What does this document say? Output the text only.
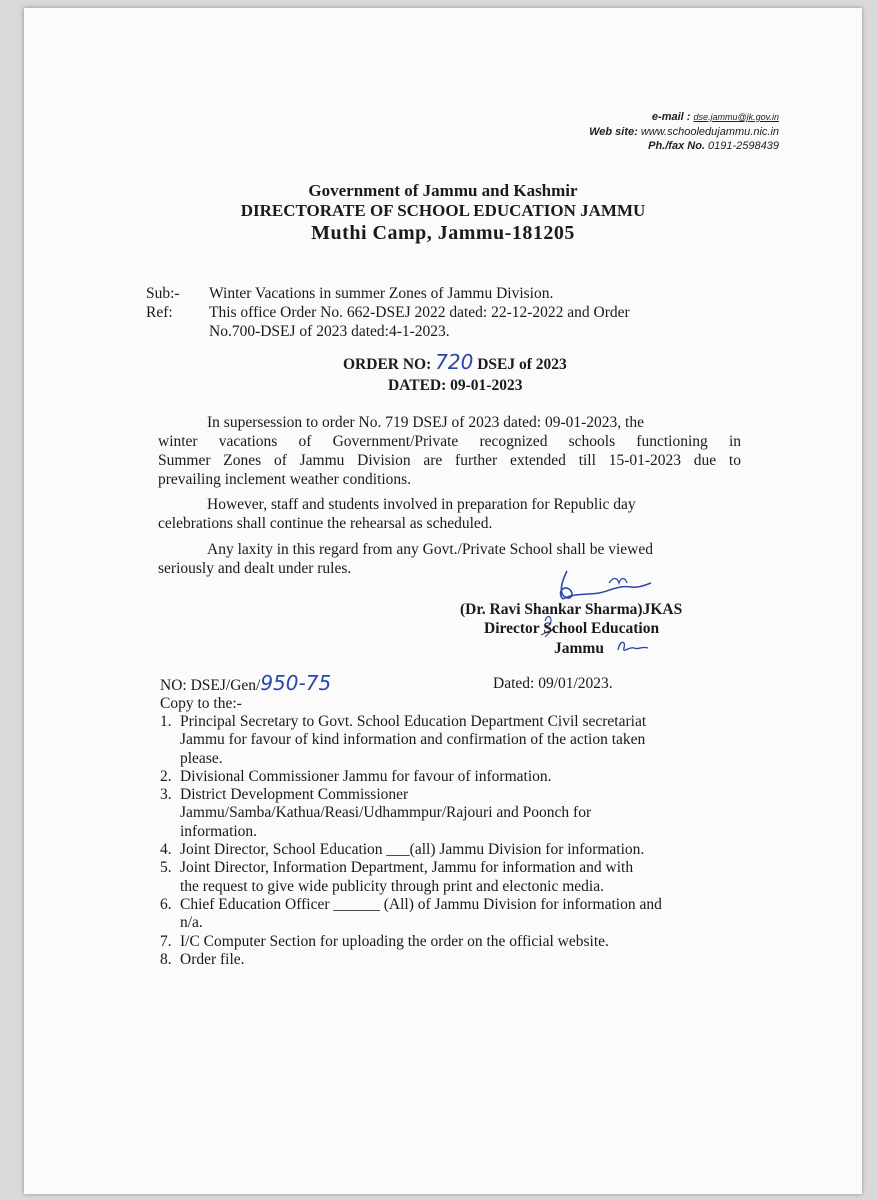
e-mail : dse.jammu@jk.gov.in
Web site: www.schooledujammu.nic.in
Ph./fax No. 0191-2598439
Government of Jammu and Kashmir
DIRECTORATE OF SCHOOL EDUCATION JAMMU
Muthi Camp, Jammu-181205
Sub:- Winter Vacations in summer Zones of Jammu Division.
Ref: This office Order No. 662-DSEJ 2022 dated: 22-12-2022 and Order
No.700-DSEJ of 2023 dated:4-1-2023.
ORDER NO: 720 DSEJ of 2023
DATED: 09-01-2023
In supersession to order No. 719 DSEJ of 2023 dated: 09-01-2023, the
winter vacations of Government/Private recognized schools functioning in
Summer Zones of Jammu Division are further extended till 15-01-2023 due to
prevailing inclement weather conditions.
However, staff and students involved in preparation for Republic day
celebrations shall continue the rehearsal as scheduled.
Any laxity in this regard from any Govt./Private School shall be viewed
seriously and dealt under rules.
(Dr. Ravi Shankar Sharma)JKAS
Director School Education
Jammu
NO: DSEJ/Gen/950-75	Dated: 09/01/2023.
Copy to the:-
1. Principal Secretary to Govt. School Education Department Civil secretariat
Jammu for favour of kind information and confirmation of the action taken
please.
2. Divisional Commissioner Jammu for favour of information.
3. District Development Commissioner
Jammu/Samba/Kathua/Reasi/Udhammpur/Rajouri and Poonch for
information.
4. Joint Director, School Education ___(all) Jammu Division for information.
5. Joint Director, Information Department, Jammu for information and with
the request to give wide publicity through print and electonic media.
6. Chief Education Officer ______ (All) of Jammu Division for information and
n/a.
7. I/C Computer Section for uploading the order on the official website.
8. Order file.
